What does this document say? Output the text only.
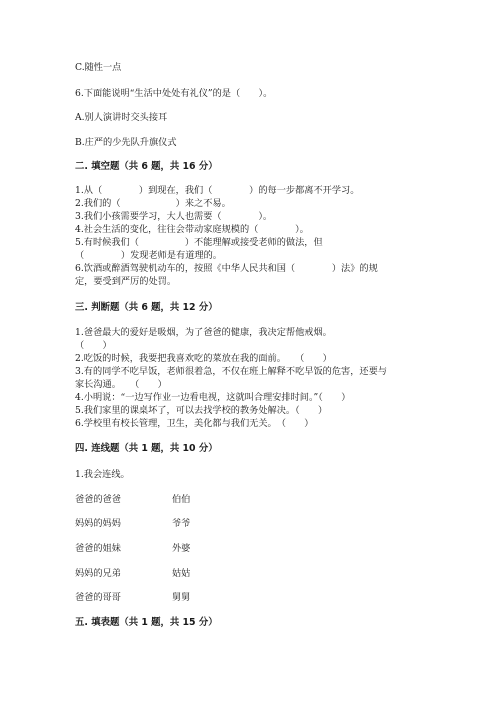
C.随性一点
6.下面能说明“生活中处处有礼仪”的是（　　）。
A.别人演讲时交头接耳
B.庄严的少先队升旗仪式
二. 填空题（共 6 题，共 16 分）
1.从（　　　　）到现在，我们（　　　　）的每一步都离不开学习。
2.我们的（　　　　　　）来之不易。
3.我们小孩需要学习，大人也需要（　　　　）。
4.社会生活的变化，往往会带动家庭规模的（　　　　）。
5.有时候我们（　　　　　）不能理解或接受老师的做法，但
（　　　　）发现老师是有道理的。
6.饮酒或醉酒驾驶机动车的，按照《中华人民共和国（　　　　）法》的规
定，要受到严厉的处罚。
三. 判断题（共 6 题，共 12 分）
1.爸爸最大的爱好是吸烟，为了爸爸的健康，我决定帮他戒烟。
（　　）
2.吃饭的时候，我要把我喜欢吃的菜放在我的面前。　　（　　）
3.有的同学不吃早饭，老师很着急，不仅在班上解释不吃早饭的危害，还要与
家长沟通。　　（　　）
4.小明说：“一边写作业一边看电视，这就叫合理安排时间。”（　　）
5.我们家里的课桌坏了，可以去找学校的教务处解决。（　　）
6.学校里有校长管理，卫生，美化都与我们无关。　（　　）
四. 连线题（共 1 题，共 10 分）
1.我会连线。
爸爸的爸爸	伯伯
妈妈的妈妈	爷爷
爸爸的姐妹	外婆
妈妈的兄弟	姑姑
爸爸的哥哥	舅舅
五. 填表题（共 1 题，共 15 分）
